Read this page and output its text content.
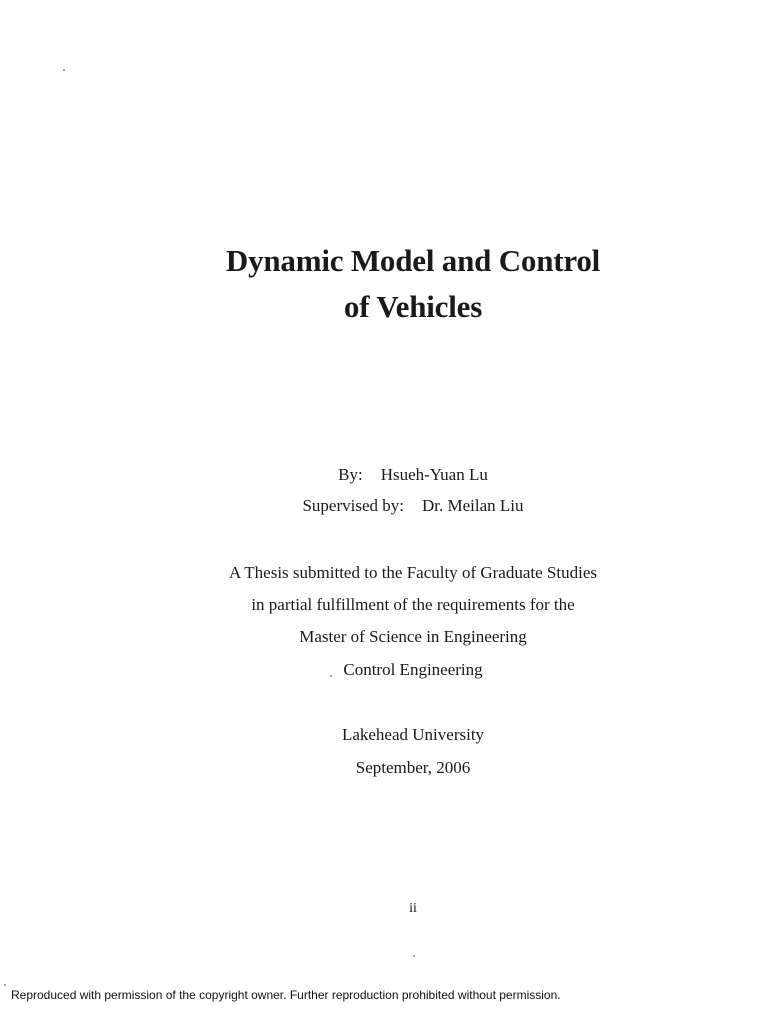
Dynamic Model and Control
of Vehicles

By: Hsueh-Yuan Lu

Supervised by: Dr. Meilan Liu

A Thesis submitted to the Faculty of Graduate Studies

in partial fulfillment of the requirements for the

Master of Science in Engineering

Control Engineering

Lakehead University

September, 2006

ii

Reproduced with permission of the copyright owner. Further reproduction prohibited without permission.
